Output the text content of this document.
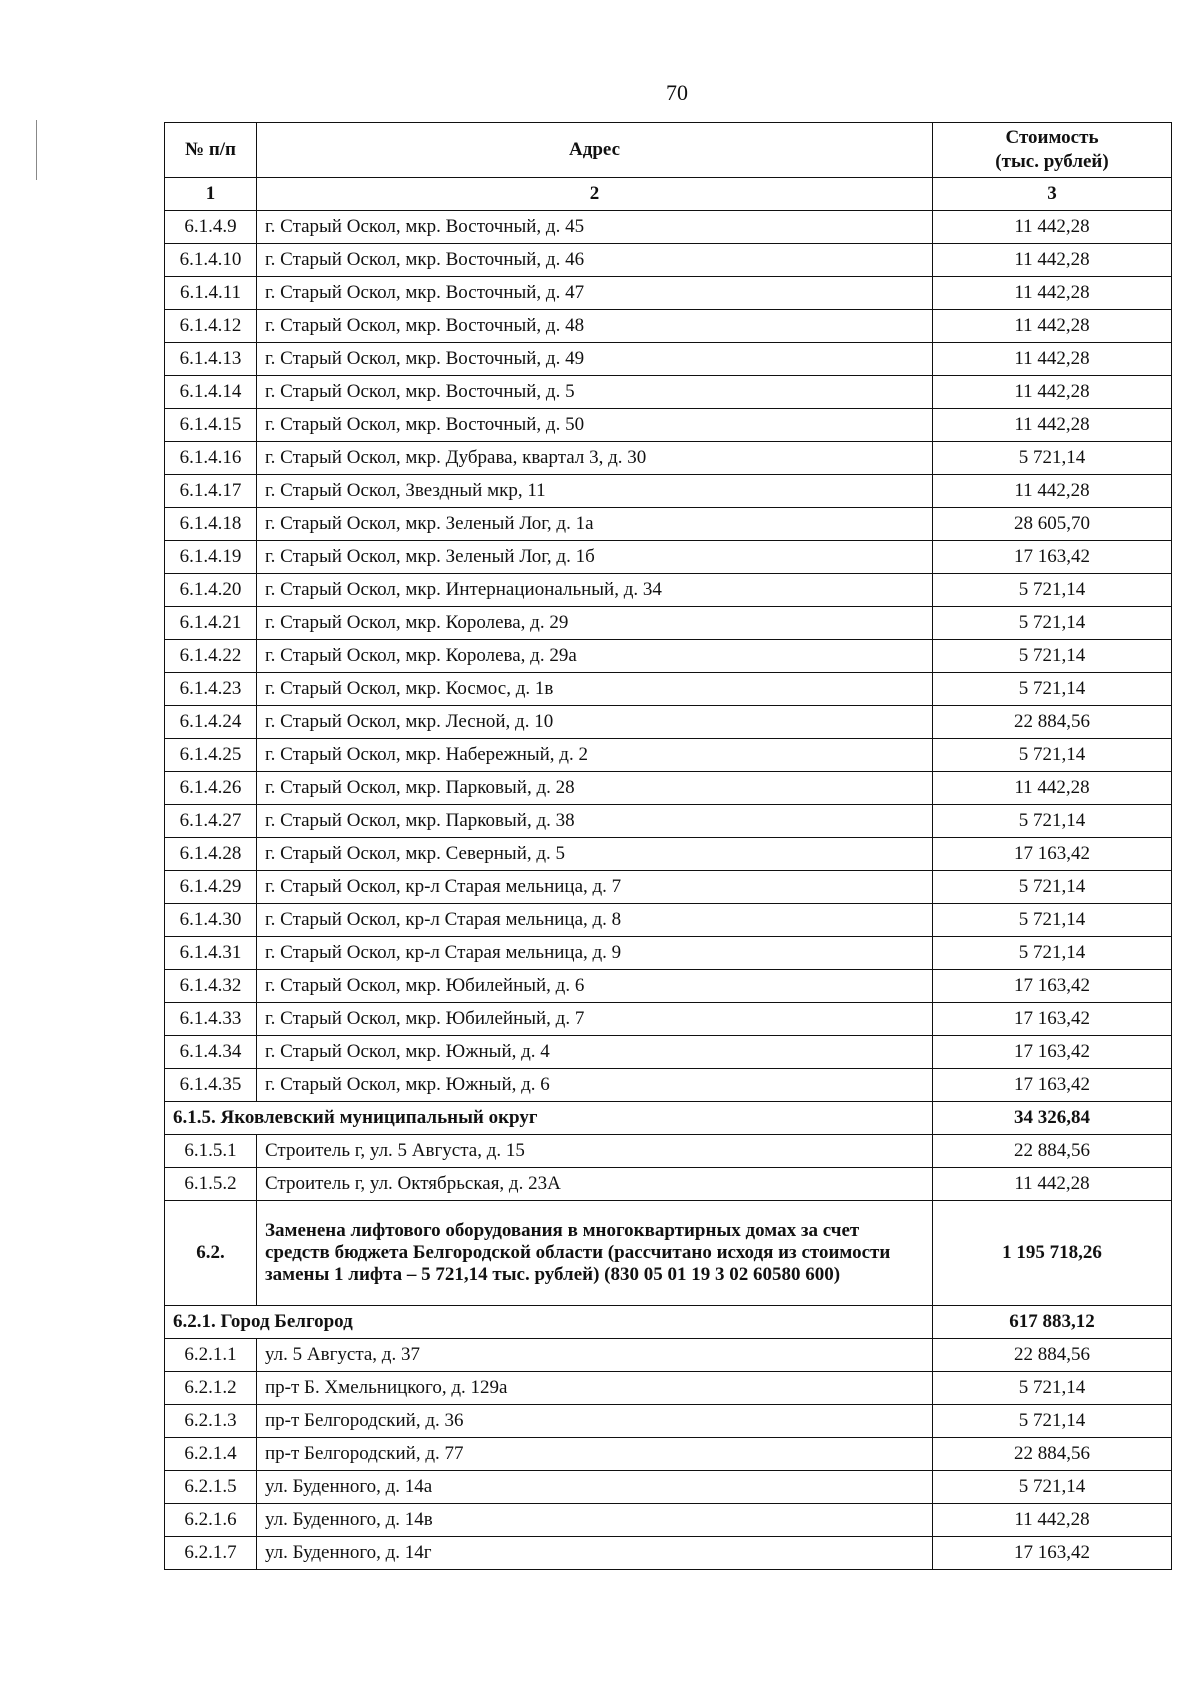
70
№ п/п	Адрес	Стоимость
(тыс. рублей)
1	2	3
6.1.4.9	г. Старый Оскол, мкр. Восточный, д. 45	11 442,28
6.1.4.10	г. Старый Оскол, мкр. Восточный, д. 46	11 442,28
6.1.4.11	г. Старый Оскол, мкр. Восточный, д. 47	11 442,28
6.1.4.12	г. Старый Оскол, мкр. Восточный, д. 48	11 442,28
6.1.4.13	г. Старый Оскол, мкр. Восточный, д. 49	11 442,28
6.1.4.14	г. Старый Оскол, мкр. Восточный, д. 5	11 442,28
6.1.4.15	г. Старый Оскол, мкр. Восточный, д. 50	11 442,28
6.1.4.16	г. Старый Оскол, мкр. Дубрава, квартал 3, д. 30	5 721,14
6.1.4.17	г. Старый Оскол, Звездный мкр, 11	11 442,28
6.1.4.18	г. Старый Оскол, мкр. Зеленый Лог, д. 1а	28 605,70
6.1.4.19	г. Старый Оскол, мкр. Зеленый Лог, д. 1б	17 163,42
6.1.4.20	г. Старый Оскол, мкр. Интернациональный, д. 34	5 721,14
6.1.4.21	г. Старый Оскол, мкр. Королева, д. 29	5 721,14
6.1.4.22	г. Старый Оскол, мкр. Королева, д. 29а	5 721,14
6.1.4.23	г. Старый Оскол, мкр. Космос, д. 1в	5 721,14
6.1.4.24	г. Старый Оскол, мкр. Лесной, д. 10	22 884,56
6.1.4.25	г. Старый Оскол, мкр. Набережный, д. 2	5 721,14
6.1.4.26	г. Старый Оскол, мкр. Парковый, д. 28	11 442,28
6.1.4.27	г. Старый Оскол, мкр. Парковый, д. 38	5 721,14
6.1.4.28	г. Старый Оскол, мкр. Северный, д. 5	17 163,42
6.1.4.29	г. Старый Оскол, кр-л Старая мельница, д. 7	5 721,14
6.1.4.30	г. Старый Оскол, кр-л Старая мельница, д. 8	5 721,14
6.1.4.31	г. Старый Оскол, кр-л Старая мельница, д. 9	5 721,14
6.1.4.32	г. Старый Оскол, мкр. Юбилейный, д. 6	17 163,42
6.1.4.33	г. Старый Оскол, мкр. Юбилейный, д. 7	17 163,42
6.1.4.34	г. Старый Оскол, мкр. Южный, д. 4	17 163,42
6.1.4.35	г. Старый Оскол, мкр. Южный, д. 6	17 163,42
6.1.5. Яковлевский муниципальный округ		34 326,84
6.1.5.1	Строитель г, ул. 5 Августа, д. 15	22 884,56
6.1.5.2	Строитель г, ул. Октябрьская, д. 23А	11 442,28
6.2.	Заменена лифтового оборудования в многоквартирных домах за счет средств бюджета Белгородской области (рассчитано исходя из стоимости замены 1 лифта – 5 721,14 тыс. рублей) (830 05 01 19 3 02 60580 600)	1 195 718,26
6.2.1. Город Белгород		617 883,12
6.2.1.1	ул. 5 Августа, д. 37	22 884,56
6.2.1.2	пр-т Б. Хмельницкого, д. 129а	5 721,14
6.2.1.3	пр-т Белгородский, д. 36	5 721,14
6.2.1.4	пр-т Белгородский, д. 77	22 884,56
6.2.1.5	ул. Буденного, д. 14а	5 721,14
6.2.1.6	ул. Буденного, д. 14в	11 442,28
6.2.1.7	ул. Буденного, д. 14г	17 163,42
